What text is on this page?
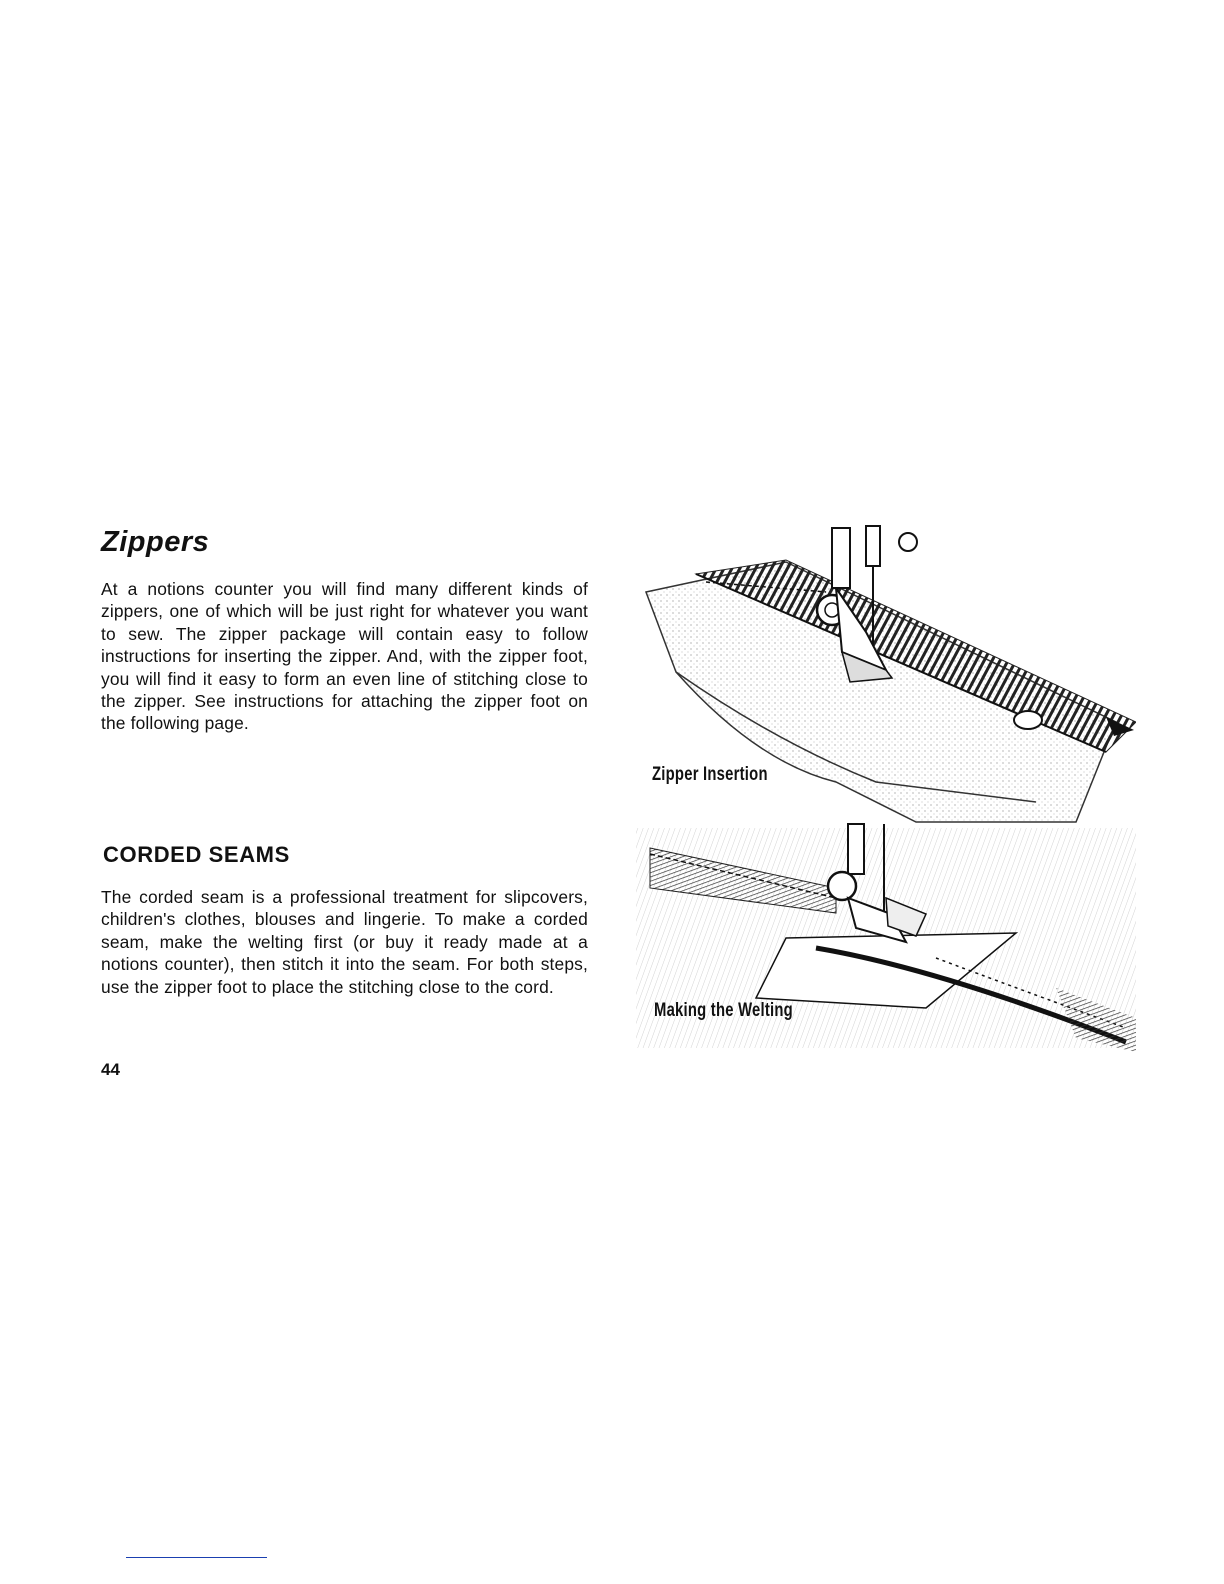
Zippers

At a notions counter you will find many different kinds of zippers, one of which will be just right for whatever you want to sew. The zipper package will contain easy to follow instructions for inserting the zipper. And, with the zipper foot, you will find it easy to form an even line of stitching close to the zipper. See instructions for attaching the zipper foot on the following page.

CORDED SEAMS

The corded seam is a professional treatment for slipcovers, children's clothes, blouses and lingerie. To make a corded seam, make the welting first (or buy it ready made at a notions counter), then stitch it into the seam. For both steps, use the zipper foot to place the stitching close to the cord.

44
Zipper Insertion
Making the Welting
